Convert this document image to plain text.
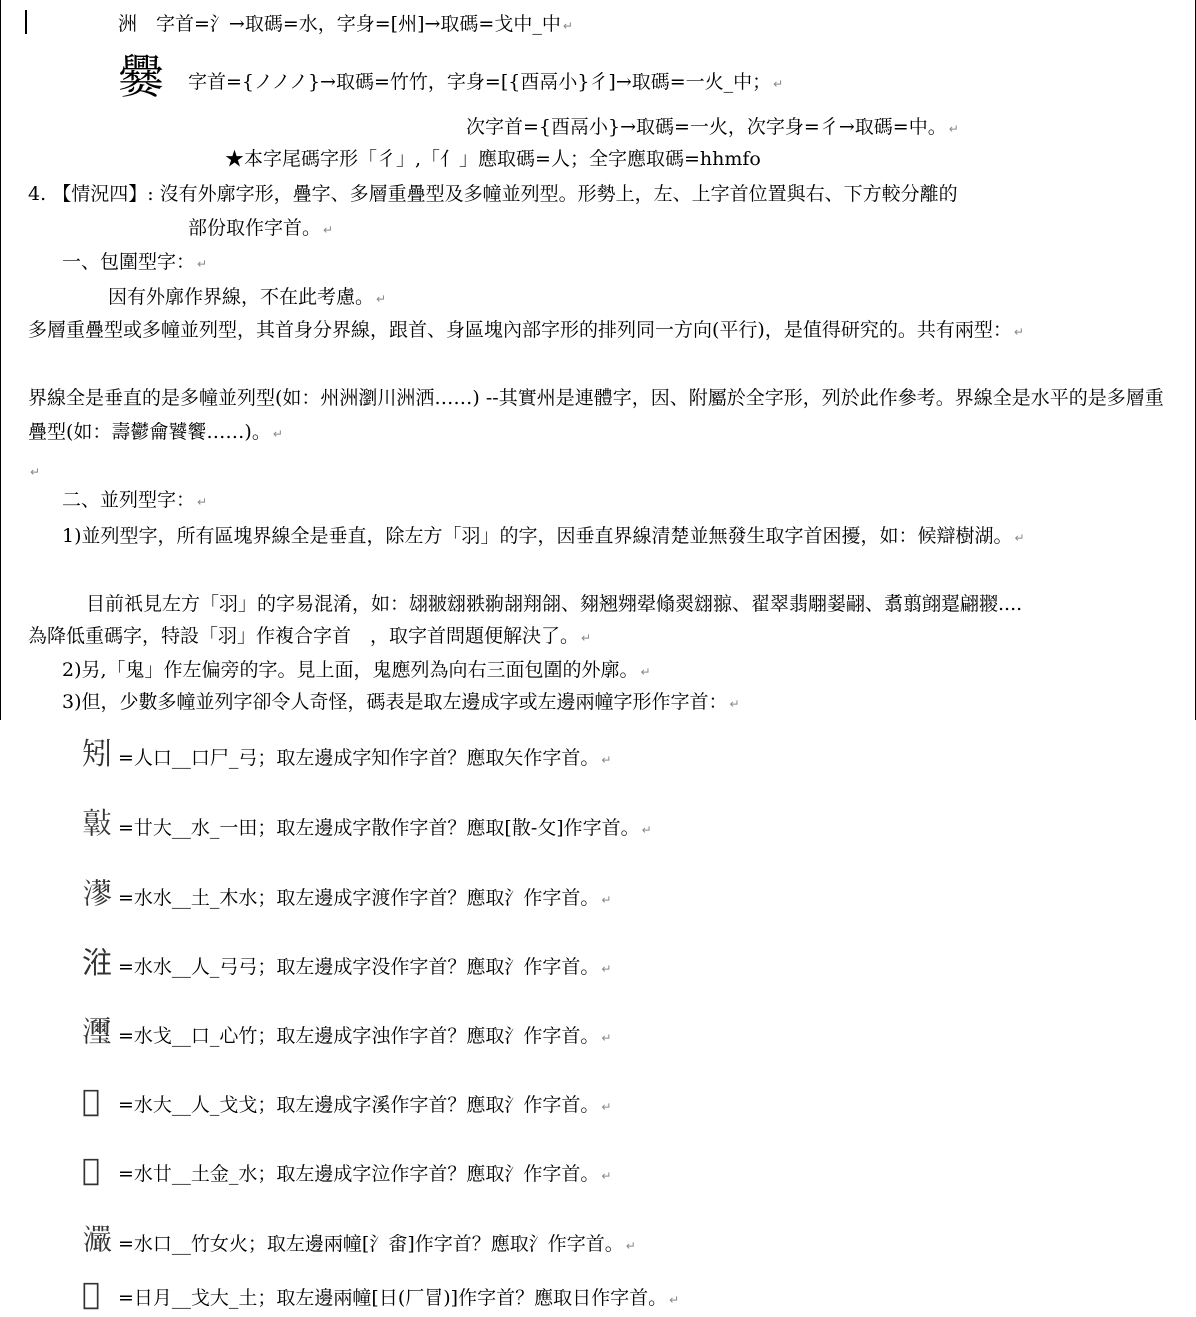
洲　字首=氵→取碼=水，字身=[州]→取碼=戈中_中 ↵
爨 字首={ノノノ}→取碼=竹竹，字身=[{酉鬲小}彳]→取碼=一火_中； ↵
次字首={酉鬲小}→取碼=一火，次字身=彳→取碼=中。 ↵
★本字尾碼字形「彳」,「亻」應取碼=人；全字應取碼=hhmfo
4. 【情況四】: 沒有外廓字形，疊字、多層重疊型及多幢並列型。形勢上，左、上字首位置與右、下方較分離的
部份取作字首。 ↵
一、包圍型字： ↵
因有外廓作界線，不在此考慮。 ↵
多層重疊型或多幢並列型，其首身分界線，跟首、身區塊內部字形的排列同一方向(平行)，是值得研究的。共有兩型： ↵
界線全是垂直的是多幢並列型(如：州洲瀏川洲洒……) --其實州是連體字，因、附屬於全字形，列於此作參考。界線全是水平的是多層重疊型(如：壽鬱龠饕饗……)。 ↵
↵
二、並列型字： ↵
1)並列型字，所有區塊界線全是垂直，除左方「羽」的字，因垂直界線清楚並無發生取字首困擾，如：候辯樹湖。 ↵
目前祇見左方「羽」的字易混淆，如：翃翍翝翐翑翓翔翖、翗翘翙翚翛翜翝翞、翟翠翡翢翣翤、翥翦翧翨翩翪....
為降低重碼字，特設「羽」作複合字首　，取字首問題便解決了。 ↵
2)另,「鬼」作左偏旁的字。見上面，鬼應列為向右三面包圍的外廓。 ↵
3)但，少數多幢並列字卻令人奇怪，碼表是取左邊成字或左邊兩幢字形作字首： ↵
矧 =人口__口尸_弓；取左邊成字知作字首？應取矢作字首。 ↵
𣀦 =廿大__水_一田；取左邊成字散作字首？應取[散-攵]作字首。 ↵
𤁸 =水水__土_木水；取左邊成字渡作字首？應取氵作字首。 ↵
𣶂 =水水__人_弓弓；取左邊成字没作字首？應取氵作字首。 ↵
𤄽 =水戈__口_心竹；取左邊成字浊作字首？應取氵作字首。 ↵
𣾲 =水大__人_戈戈；取左邊成字溪作字首？應取氵作字首。 ↵
𤀓 =水廿__土金_水；取左邊成字泣作字首？應取氵作字首。 ↵
𤅙 =水口__竹女火；取左邊兩幢[氵畬]作字首？應取氵作字首。 ↵
𣋽 =日月__戈大_土；取左邊兩幢[日(厂冒)]作字首？應取日作字首。 ↵
